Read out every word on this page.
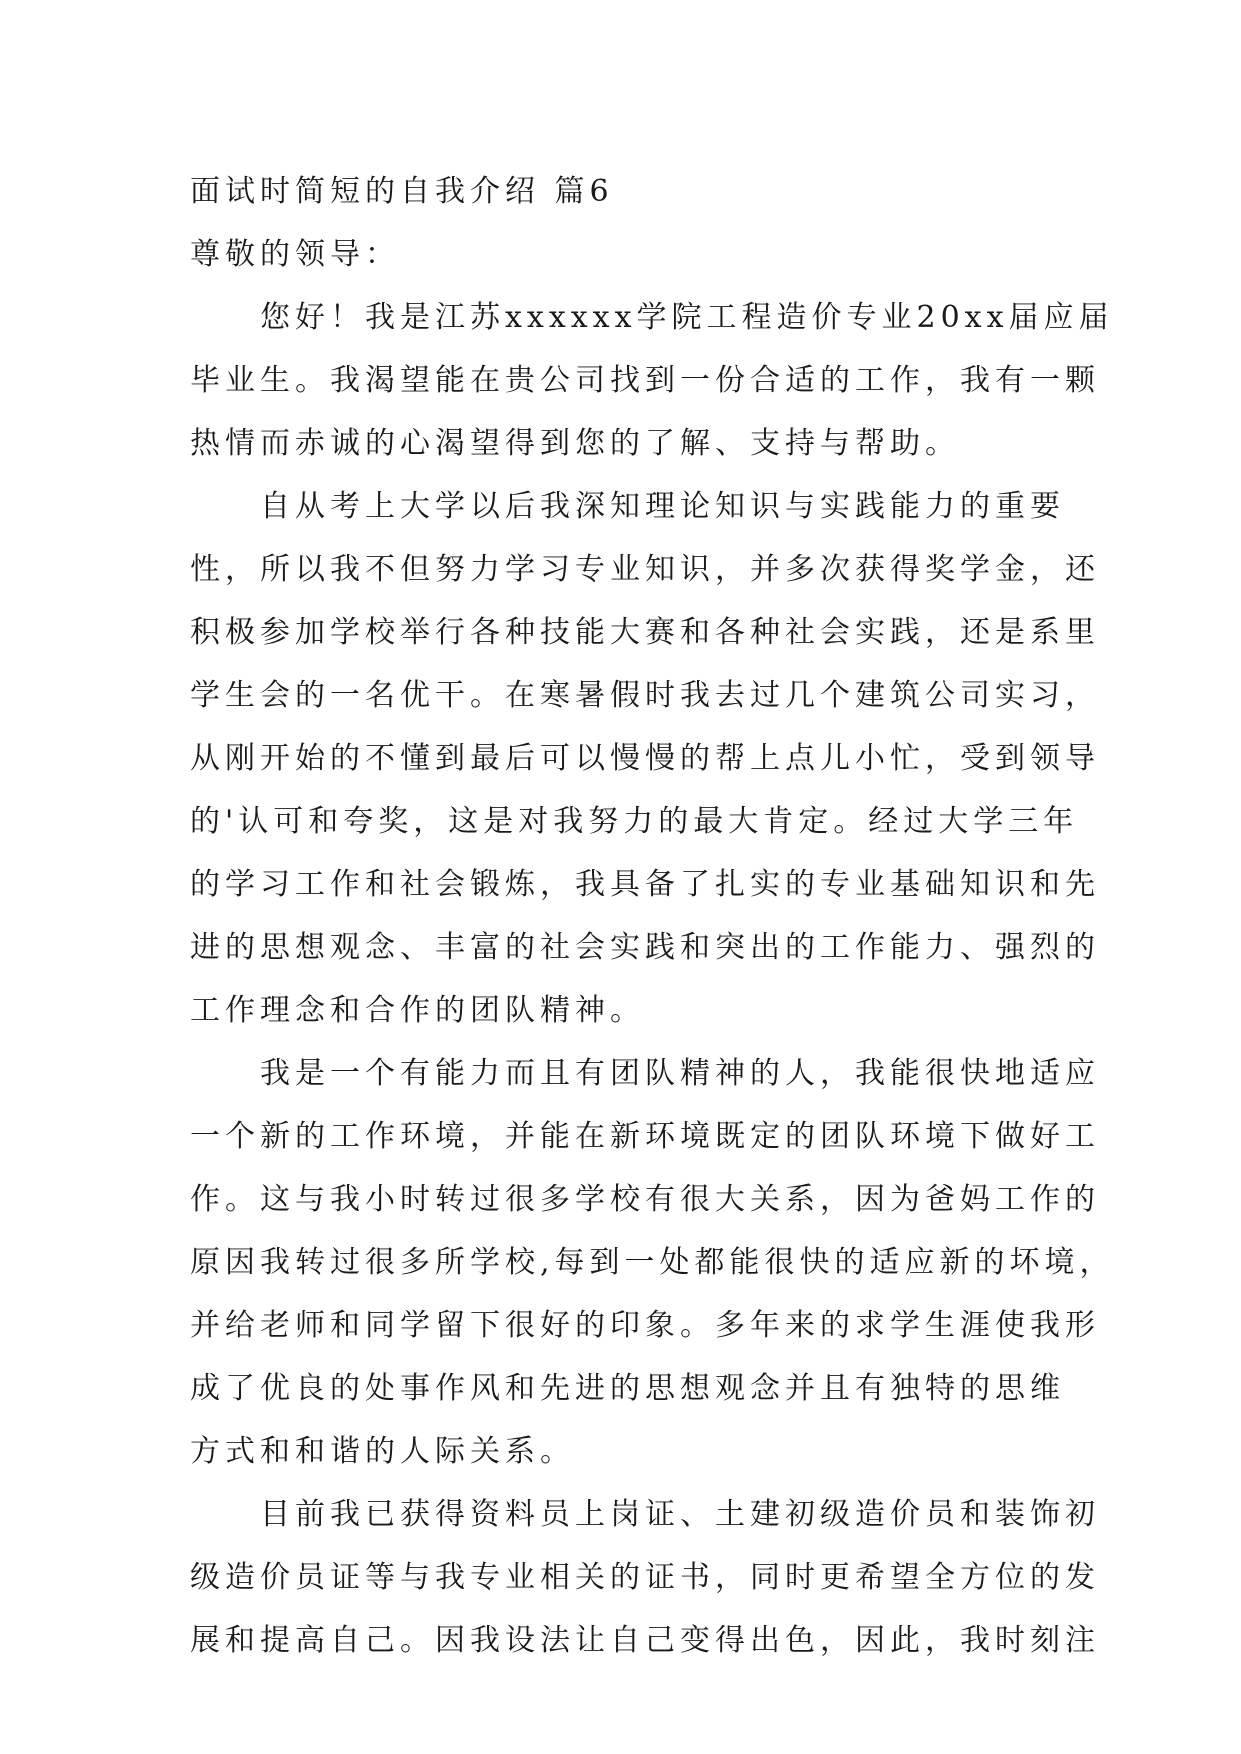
面试时简短的自我介绍 篇6
尊敬的领导：
　　您好！我是江苏xxxxxx学院工程造价专业20xx届应届
毕业生。我渴望能在贵公司找到一份合适的工作，我有一颗
热情而赤诚的心渴望得到您的了解、支持与帮助。
　　自从考上大学以后我深知理论知识与实践能力的重要
性，所以我不但努力学习专业知识，并多次获得奖学金，还
积极参加学校举行各种技能大赛和各种社会实践，还是系里
学生会的一名优干。在寒暑假时我去过几个建筑公司实习，
从刚开始的不懂到最后可以慢慢的帮上点儿小忙，受到领导
的'认可和夸奖，这是对我努力的最大肯定。经过大学三年
的学习工作和社会锻炼，我具备了扎实的专业基础知识和先
进的思想观念、丰富的社会实践和突出的工作能力、强烈的
工作理念和合作的团队精神。
　　我是一个有能力而且有团队精神的人，我能很快地适应
一个新的工作环境，并能在新环境既定的团队环境下做好工
作。这与我小时转过很多学校有很大关系，因为爸妈工作的
原因我转过很多所学校,每到一处都能很快的适应新的坏境，
并给老师和同学留下很好的印象。多年来的求学生涯使我形
成了优良的处事作风和先进的思想观念并且有独特的思维
方式和和谐的人际关系。
　　目前我已获得资料员上岗证、土建初级造价员和装饰初
级造价员证等与我专业相关的证书，同时更希望全方位的发
展和提高自己。因我设法让自己变得出色，因此，我时刻注
